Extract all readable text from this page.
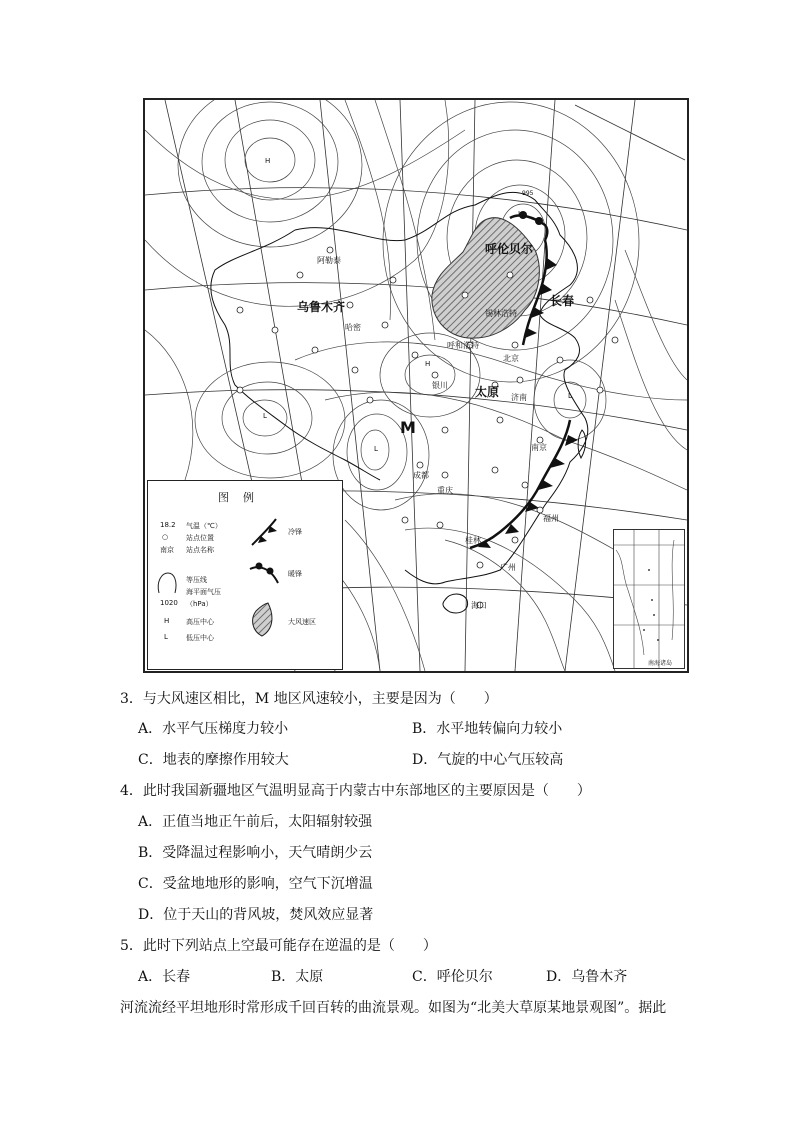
H
H
L
L
L
L
995
M
阿勒泰
乌鲁木齐
哈密
呼伦贝尔
长春
锡林浩特
呼和浩特
北京
银川 太原 济南
南京
成都
重庆
福州
桂林
广州
海口
图例
18.2 气温（℃）
○	站点位置
南京 站点名称
等压线
海平面气压
1020 （hPa）
H 高压中心
L	低压中心
冷锋
暖锋
大风速区
南海诸岛
3．与大风速区相比，M 地区风速较小，主要是因为（　　）
A．水平气压梯度力较小	B．水平地转偏向力较小
C．地表的摩擦作用较大	D．气旋的中心气压较高
4．此时我国新疆地区气温明显高于内蒙古中东部地区的主要原因是（　　）
A．正值当地正午前后，太阳辐射较强
B．受降温过程影响小，天气晴朗少云
C．受盆地地形的影响，空气下沉增温
D．位于天山的背风坡，焚风效应显著
5．此时下列站点上空最可能存在逆温的是（　　）
A．长春	B．太原	C．呼伦贝尔	D．乌鲁木齐
河流流经平坦地形时常形成千回百转的曲流景观。如图为“北美大草原某地景观图”。据此
